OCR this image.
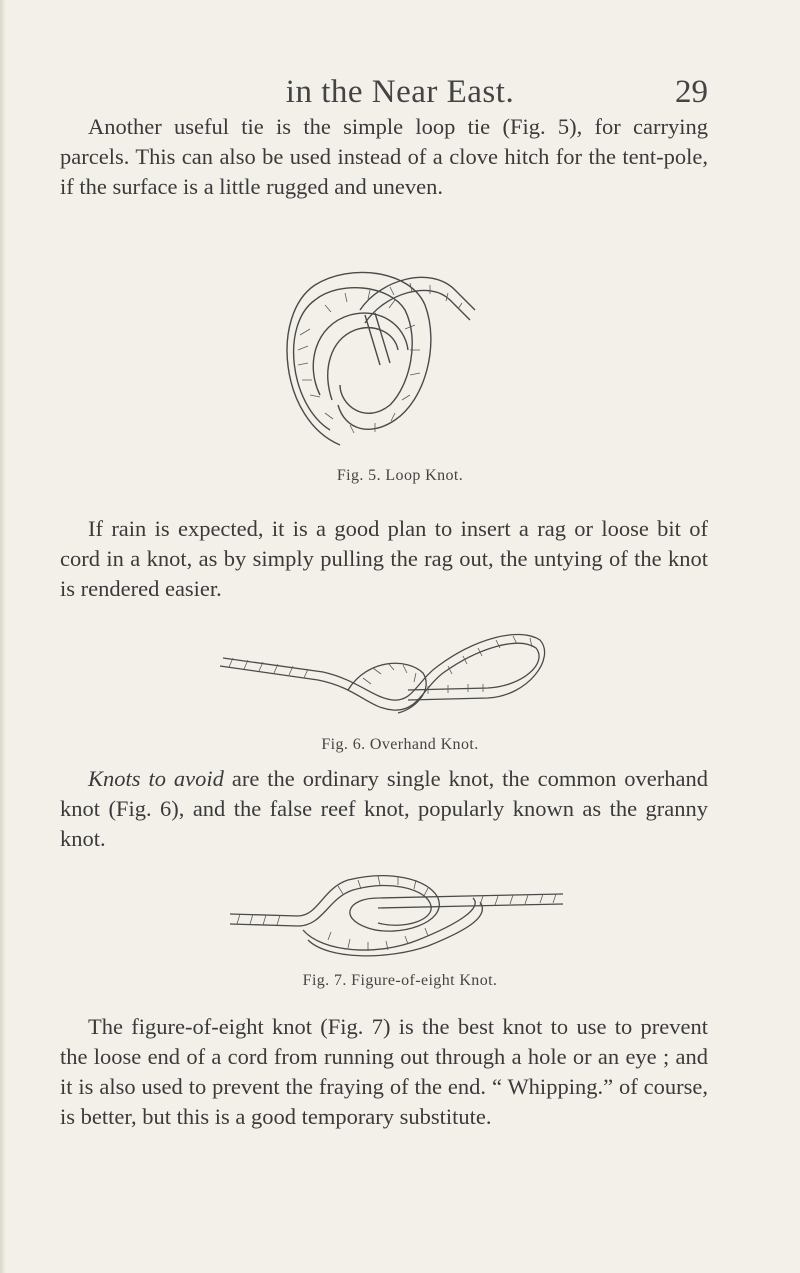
in the Near East.	29

Another useful tie is the simple loop tie (Fig. 5), for carrying parcels. This can also be used instead of a clove hitch for the tent-pole, if the surface is a little rugged and uneven.

Fig. 5. Loop Knot.

If rain is expected, it is a good plan to insert a rag or loose bit of cord in a knot, as by simply pulling the rag out, the untying of the knot is rendered easier.

Fig. 6. Overhand Knot.

Knots to avoid are the ordinary single knot, the common overhand knot (Fig. 6), and the false reef knot, popularly known as the granny knot.

Fig. 7. Figure-of-eight Knot.

The figure-of-eight knot (Fig. 7) is the best knot to use to prevent the loose end of a cord from running out through a hole or an eye ; and it is also used to prevent the fraying of the end. “ Whipping.” of course, is better, but this is a good temporary substitute.
